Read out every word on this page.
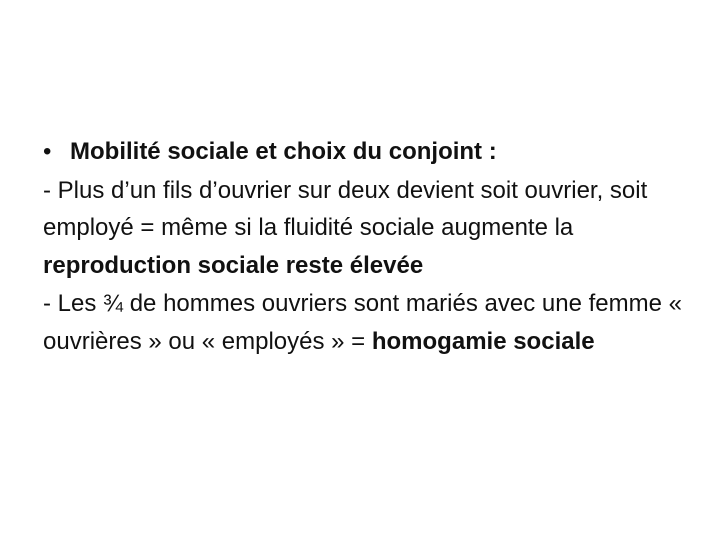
• Mobilité sociale et choix du conjoint :

- Plus d’un fils d’ouvrier sur deux devient soit ouvrier, soit employé = même si la fluidité sociale augmente la reproduction sociale reste élevée

- Les ¾ de hommes ouvriers sont mariés avec une femme « ouvrières » ou « employés » = homogamie sociale
